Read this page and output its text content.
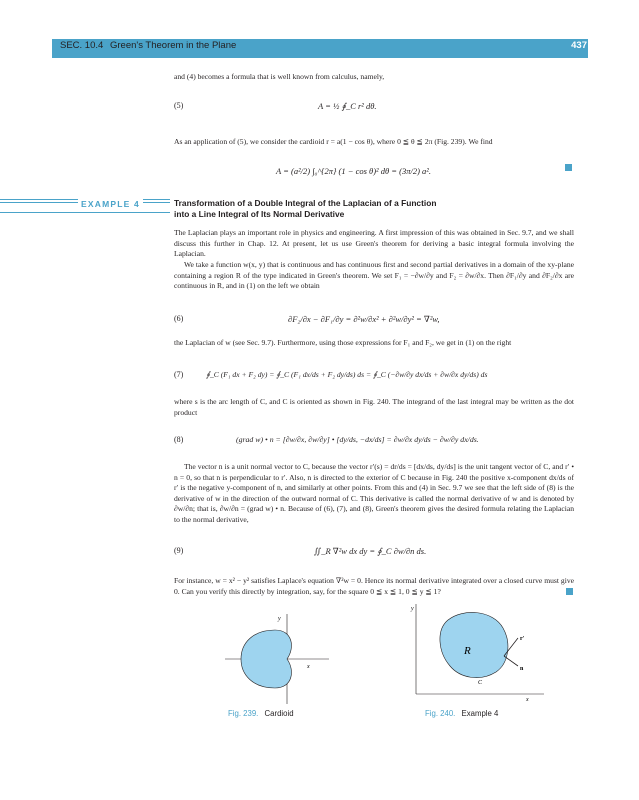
SEC. 10.4 Green's Theorem in the Plane	437
and (4) becomes a formula that is well known from calculus, namely,
(5)	A = ½ ∮_C r² dθ.
As an application of (5), we consider the cardioid r = a(1 − cos θ), where 0 ≦ θ ≦ 2π (Fig. 239). We find
A = (a²/2) ∫₀^{2π} (1 − cos θ)² dθ = (3π/2) a².
EXAMPLE 4	Transformation of a Double Integral of the Laplacian of a Function
into a Line Integral of Its Normal Derivative
The Laplacian plays an important role in physics and engineering. A first impression of this was obtained in Sec. 9.7, and we shall discuss this further in Chap. 12. At present, let us use Green's theorem for deriving a basic integral formula involving the Laplacian.
We take a function w(x, y) that is continuous and has continuous first and second partial derivatives in a domain of the xy-plane containing a region R of the type indicated in Green's theorem. We set F₁ = −∂w/∂y and F₂ = ∂w/∂x. Then ∂F₁/∂y and ∂F₂/∂x are continuous in R, and in (1) on the left we obtain
(6)	∂F₂/∂x − ∂F₁/∂y = ∂²w/∂x² + ∂²w/∂y² = ∇²w,
the Laplacian of w (see Sec. 9.7). Furthermore, using those expressions for F₁ and F₂, we get in (1) on the right
(7)	∮_C (F₁ dx + F₂ dy) = ∮_C (F₁ dx/ds + F₂ dy/ds) ds = ∮_C (−∂w/∂y dx/ds + ∂w/∂x dy/ds) ds
where s is the arc length of C, and C is oriented as shown in Fig. 240. The integrand of the last integral may be written as the dot product
(8)	(grad w) • n = [∂w/∂x, ∂w/∂y] • [dy/ds, −dx/ds] = ∂w/∂x dy/ds − ∂w/∂y dx/ds.
The vector n is a unit normal vector to C, because the vector r′(s) = dr/ds = [dx/ds, dy/ds] is the unit tangent vector of C, and r′ • n = 0, so that n is perpendicular to r′. Also, n is directed to the exterior of C because in Fig. 240 the positive x-component dx/ds of r′ is the negative y-component of n, and similarly at other points. From this and (4) in Sec. 9.7 we see that the left side of (8) is the derivative of w in the direction of the outward normal of C. This derivative is called the normal derivative of w and is denoted by ∂w/∂n; that is, ∂w/∂n = (grad w) • n. Because of (6), (7), and (8), Green's theorem gives the desired formula relating the Laplacian to the normal derivative,
(9)	∬_R ∇²w dx dy = ∮_C ∂w/∂n ds.
For instance, w = x² − y² satisfies Laplace's equation ∇²w = 0. Hence its normal derivative integrated over a closed curve must give 0. Can you verify this directly by integration, say, for the square 0 ≦ x ≦ 1, 0 ≦ y ≦ 1?
y
x
Fig. 239. Cardioid
y
x
R
r′
n
C
Fig. 240. Example 4
